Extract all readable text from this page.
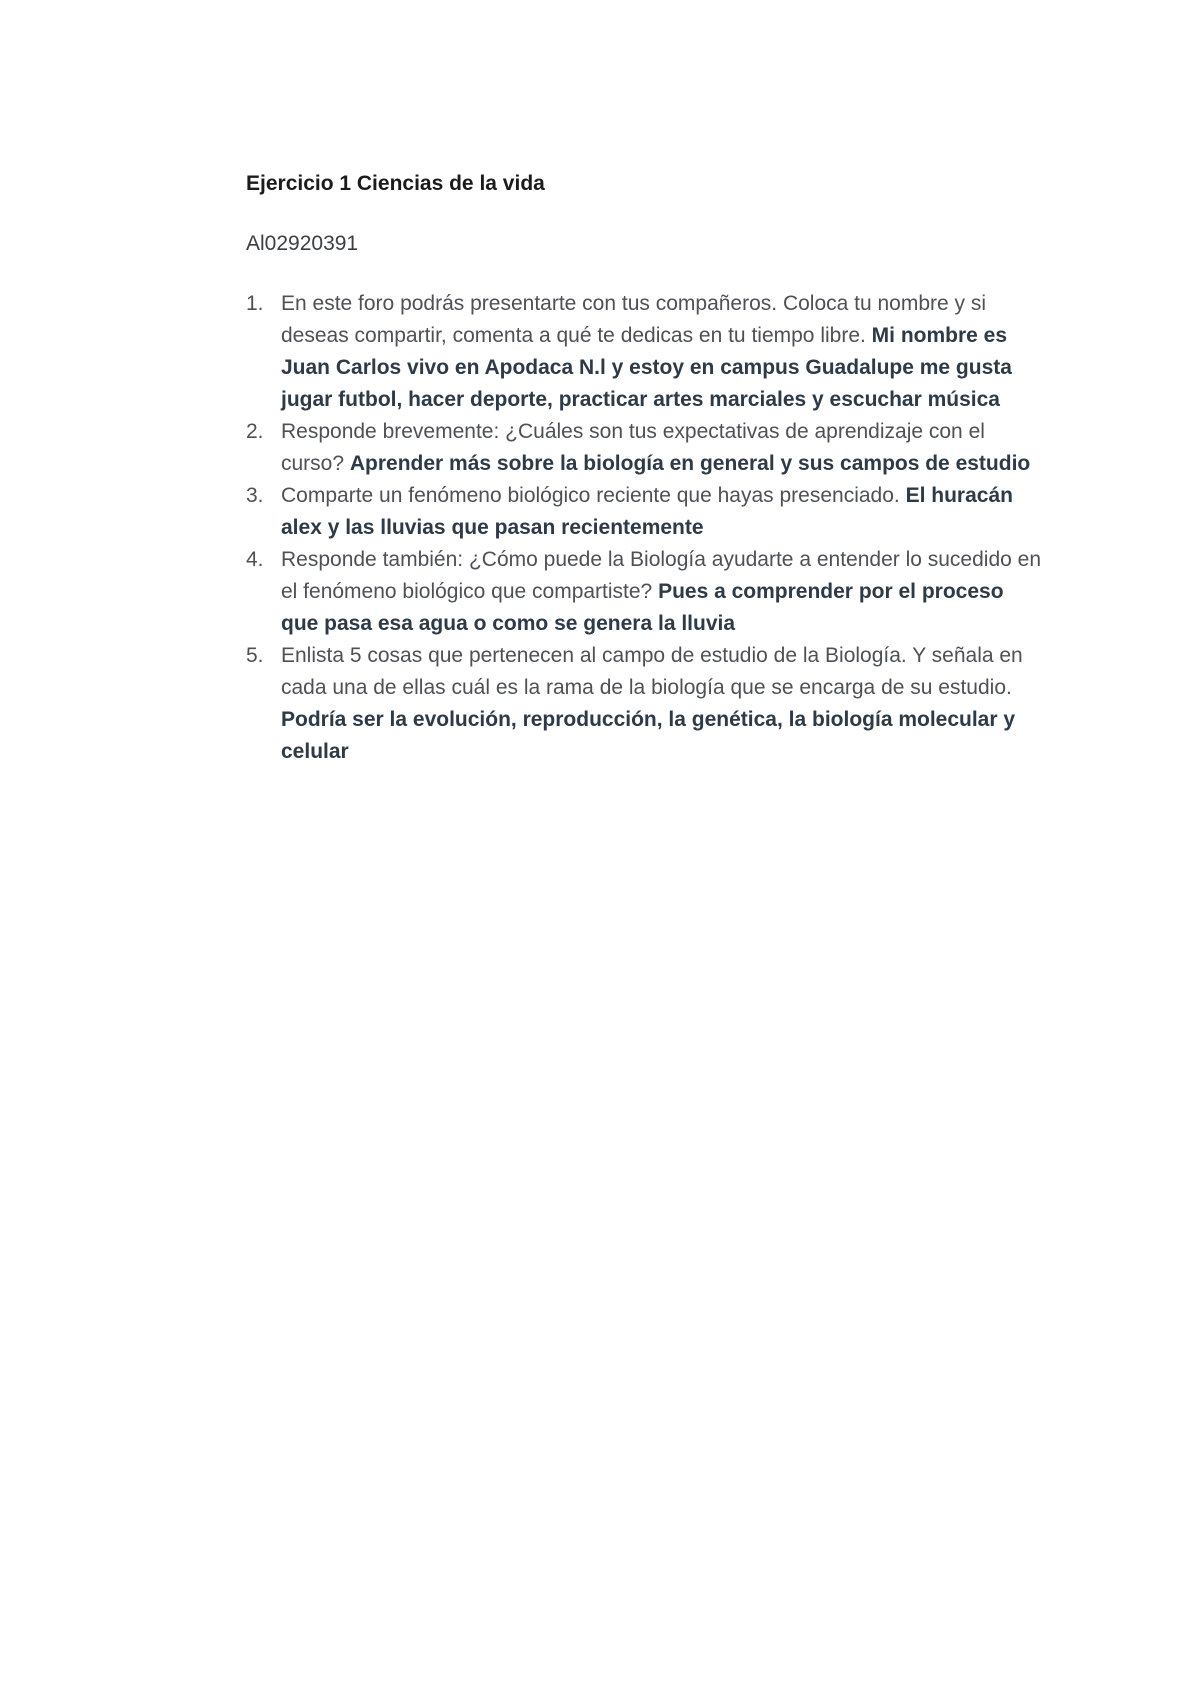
Ejercicio 1 Ciencias de la vida

Al02920391

1. En este foro podrás presentarte con tus compañeros. Coloca tu nombre y si deseas compartir, comenta a qué te dedicas en tu tiempo libre. Mi nombre es Juan Carlos vivo en Apodaca N.l y estoy en campus Guadalupe me gusta jugar futbol, hacer deporte, practicar artes marciales y escuchar música
2. Responde brevemente: ¿Cuáles son tus expectativas de aprendizaje con el curso? Aprender más sobre la biología en general y sus campos de estudio
3. Comparte un fenómeno biológico reciente que hayas presenciado. El huracán alex y las lluvias que pasan recientemente
4. Responde también: ¿Cómo puede la Biología ayudarte a entender lo sucedido en el fenómeno biológico que compartiste? Pues a comprender por el proceso que pasa esa agua o como se genera la lluvia
5. Enlista 5 cosas que pertenecen al campo de estudio de la Biología. Y señala en cada una de ellas cuál es la rama de la biología que se encarga de su estudio. Podría ser la evolución, reproducción, la genética, la biología molecular y celular
